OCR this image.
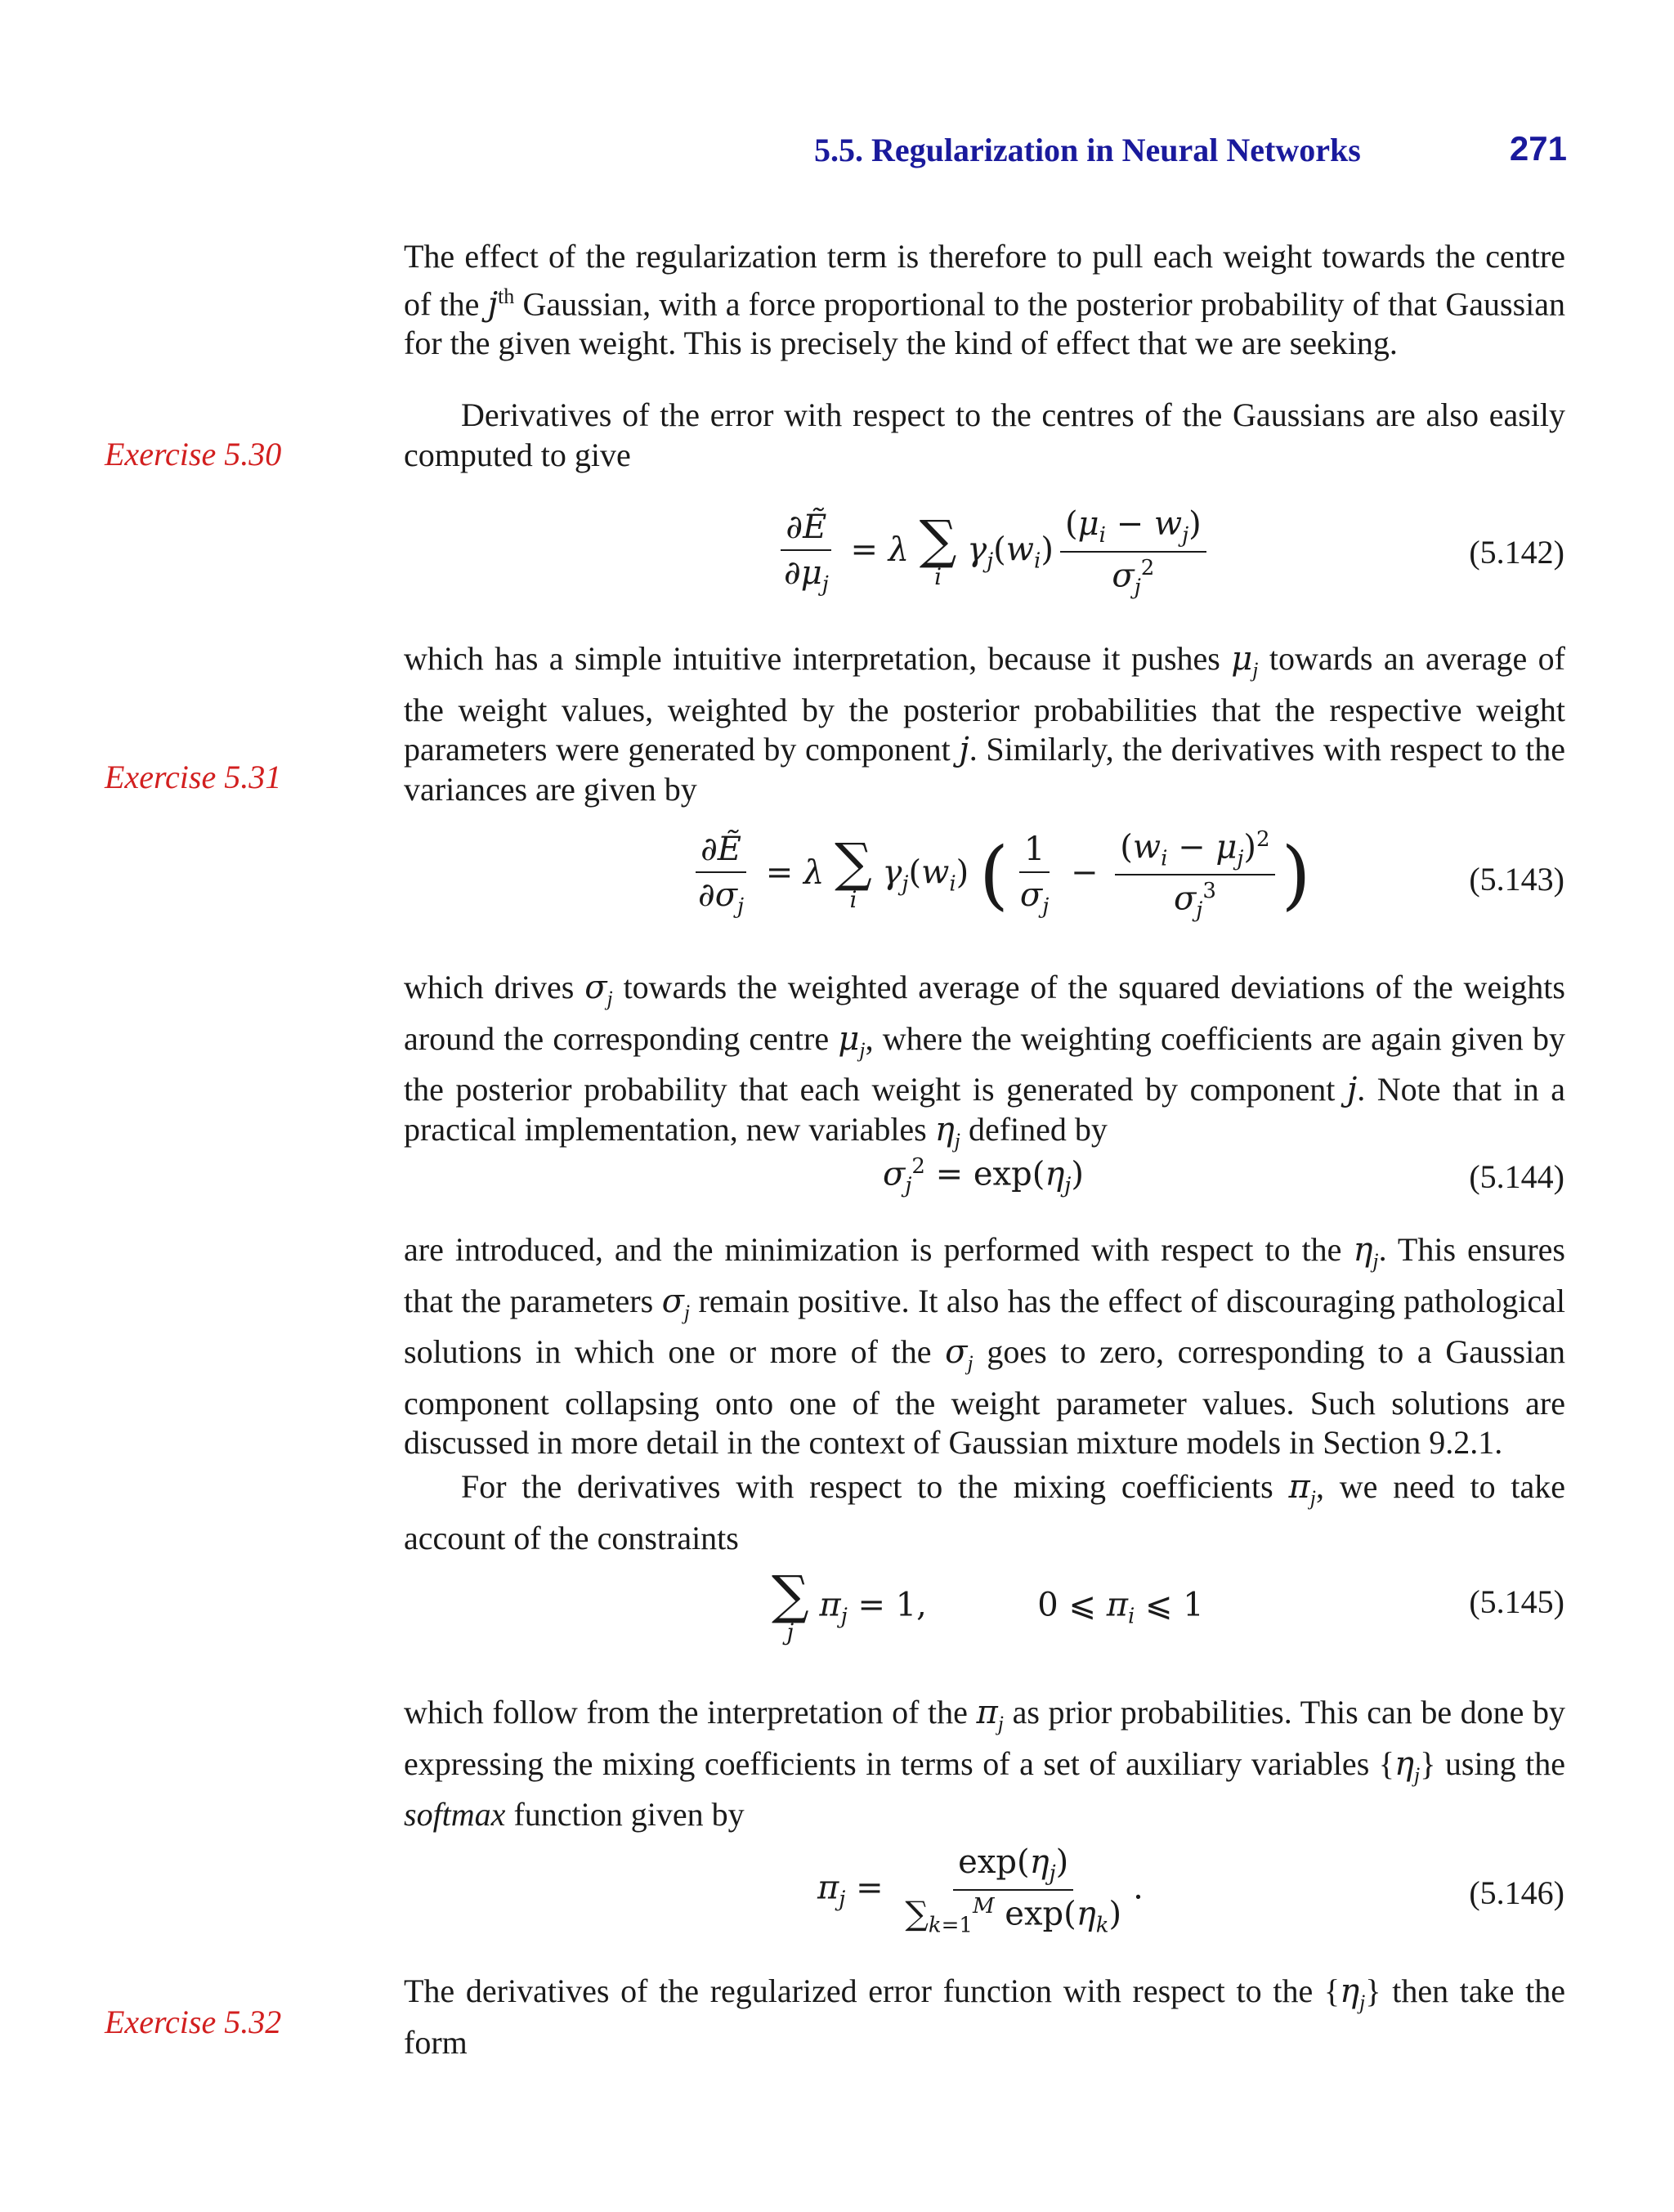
5.5. Regularization in Neural Networks	271
Exercise 5.30
Exercise 5.31
Exercise 5.32

The effect of the regularization term is therefore to pull each weight towards the centre of the $j^{th}$ Gaussian, with a force proportional to the posterior probability of that Gaussian for the given weight. This is precisely the kind of effect that we are seeking.

Derivatives of the error with respect to the centres of the Gaussians are also easily computed to give

$\frac{\text{∂Ẽ}}{\partial\mu_j} = \lambda$ ∑
i
$\gamma_j(w_i) \frac{(\mu_i - w_j)}{\sigma_j^2}$	(5.142)

which has a simple intuitive interpretation, because it pushes $\mu_j$ towards an average of the weight values, weighted by the posterior probabilities that the respective weight parameters were generated by component j. Similarly, the derivatives with respect to the variances are given by

$\frac{\text{∂Ẽ}}{\partial\sigma_j} = \lambda$ ∑
i
$\gamma_j(w_i)$ ( $\frac{1}{\sigma_j} - \frac{(w_i - \mu_j)^2}{\sigma_j^3}$ )	(5.143)

which drives $\sigma_j$ towards the weighted average of the squared deviations of the weights around the corresponding centre $\mu_j$, where the weighting coefficients are again given by the posterior probability that each weight is generated by component j. Note that in a practical implementation, new variables $\eta_j$ defined by

$\sigma_j^2 = \exp(\eta_j)$	(5.144)

are introduced, and the minimization is performed with respect to the $\eta_j$. This ensures that the parameters $\sigma_j$ remain positive. It also has the effect of discouraging pathological solutions in which one or more of the $\sigma_j$ goes to zero, corresponding to a Gaussian component collapsing onto one of the weight parameter values. Such solutions are discussed in more detail in the context of Gaussian mixture models in Section 9.2.1.

For the derivatives with respect to the mixing coefficients $\pi_j$, we need to take account of the constraints

∑
j
$\pi_j = 1$,	0 ⩽ $\pi_i$ ⩽ 1	(5.145)

which follow from the interpretation of the $\pi_j$ as prior probabilities. This can be done by expressing the mixing coefficients in terms of a set of auxiliary variables $\{\eta_j\}$ using the softmax function given by

$\pi_j = \frac{\exp(\eta_j)}{\sum_{k=1}^M \exp(\eta_k)}$ .	(5.146)

The derivatives of the regularized error function with respect to the $\{\eta_j\}$ then take the form
